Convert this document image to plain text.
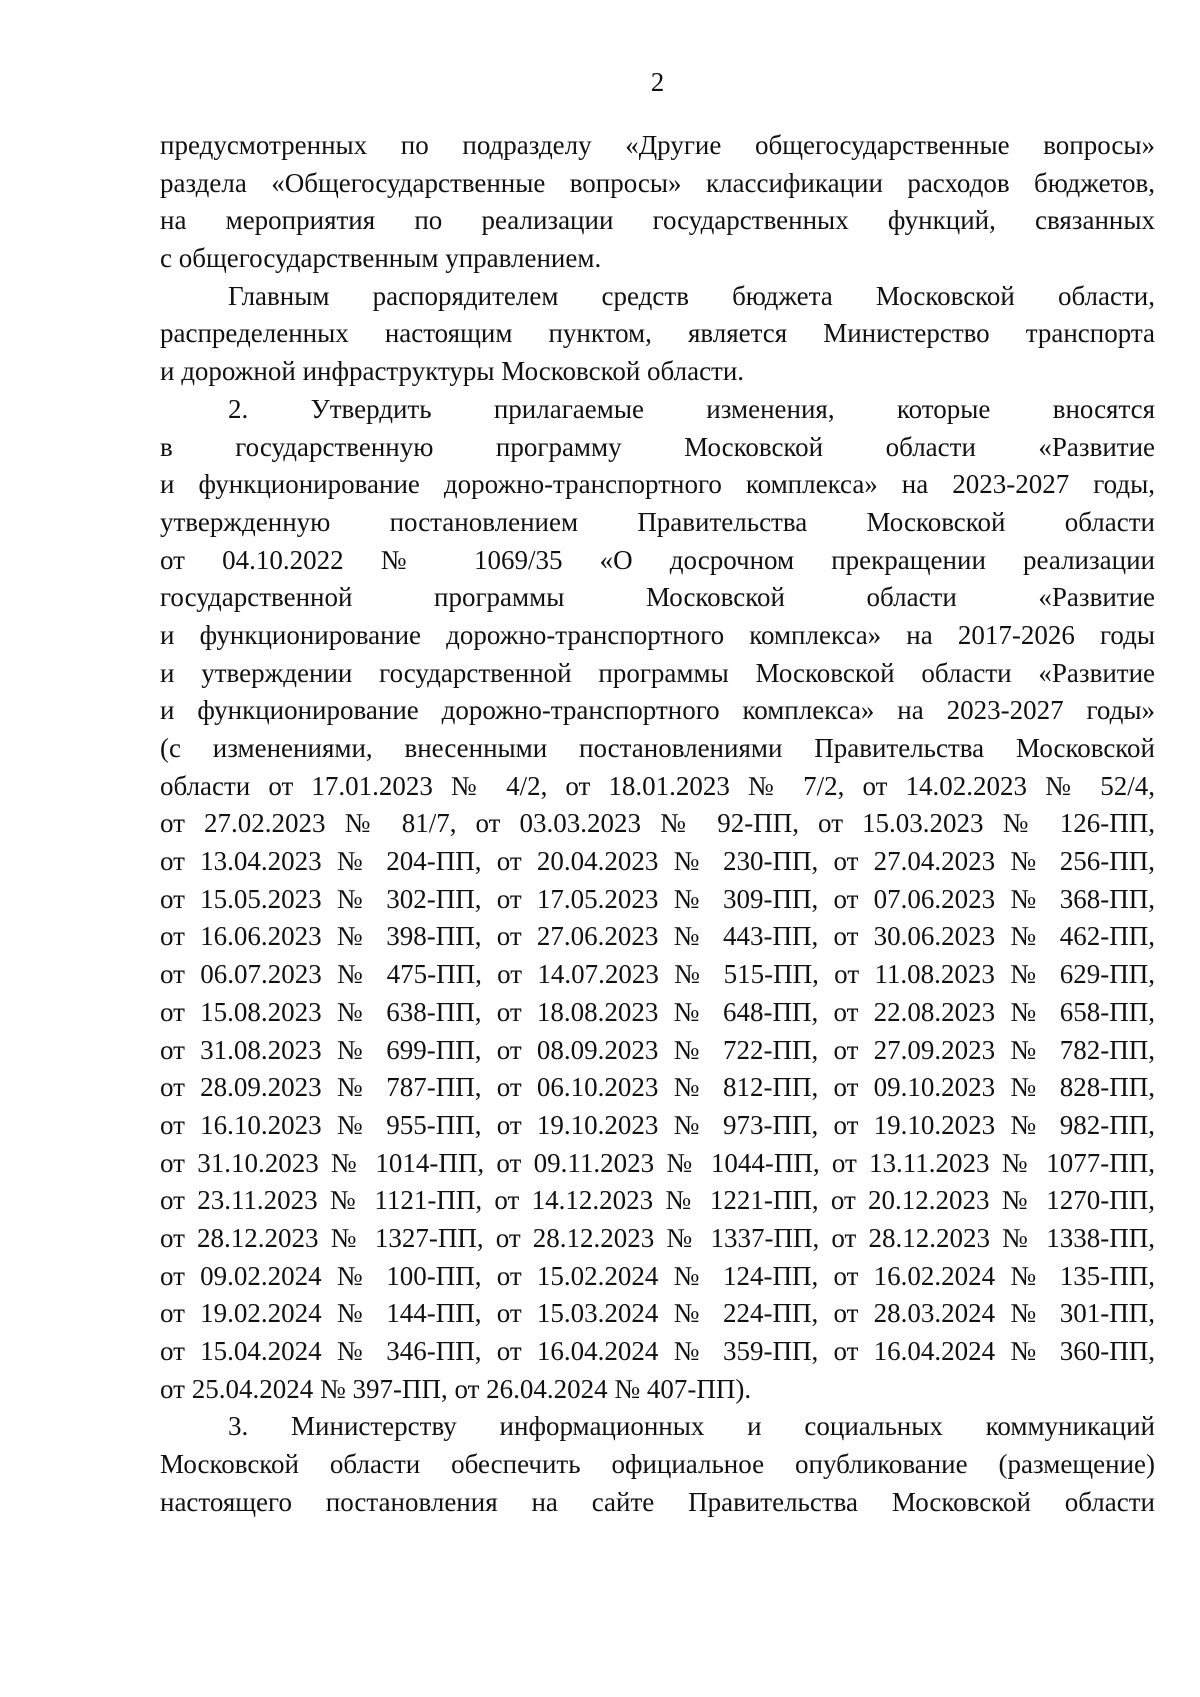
2
предусмотренных по подразделу «Другие общегосударственные вопросы»
раздела «Общегосударственные вопросы» классификации расходов бюджетов,
на мероприятия по реализации государственных функций, связанных
с общегосударственным управлением.
Главным распорядителем средств бюджета Московской области,
распределенных настоящим пунктом, является Министерство транспорта
и дорожной инфраструктуры Московской области.
2. Утвердить прилагаемые изменения, которые вносятся
в государственную программу Московской области «Развитие
и функционирование дорожно-транспортного комплекса» на 2023-2027 годы,
утвержденную постановлением Правительства Московской области
от 04.10.2022 № 1069/35 «О досрочном прекращении реализации
государственной программы Московской области «Развитие
и функционирование дорожно-транспортного комплекса» на 2017-2026 годы
и утверждении государственной программы Московской области «Развитие
и функционирование дорожно-транспортного комплекса» на 2023-2027 годы»
(с изменениями, внесенными постановлениями Правительства Московской
области от 17.01.2023 № 4/2, от 18.01.2023 № 7/2, от 14.02.2023 № 52/4,
от 27.02.2023 № 81/7, от 03.03.2023 № 92-ПП, от 15.03.2023 № 126-ПП,
от 13.04.2023 № 204-ПП, от 20.04.2023 № 230-ПП, от 27.04.2023 № 256-ПП,
от 15.05.2023 № 302-ПП, от 17.05.2023 № 309-ПП, от 07.06.2023 № 368-ПП,
от 16.06.2023 № 398-ПП, от 27.06.2023 № 443-ПП, от 30.06.2023 № 462-ПП,
от 06.07.2023 № 475-ПП, от 14.07.2023 № 515-ПП, от 11.08.2023 № 629-ПП,
от 15.08.2023 № 638-ПП, от 18.08.2023 № 648-ПП, от 22.08.2023 № 658-ПП,
от 31.08.2023 № 699-ПП, от 08.09.2023 № 722-ПП, от 27.09.2023 № 782-ПП,
от 28.09.2023 № 787-ПП, от 06.10.2023 № 812-ПП, от 09.10.2023 № 828-ПП,
от 16.10.2023 № 955-ПП, от 19.10.2023 № 973-ПП, от 19.10.2023 № 982-ПП,
от 31.10.2023 № 1014-ПП, от 09.11.2023 № 1044-ПП, от 13.11.2023 № 1077-ПП,
от 23.11.2023 № 1121-ПП, от 14.12.2023 № 1221-ПП, от 20.12.2023 № 1270-ПП,
от 28.12.2023 № 1327-ПП, от 28.12.2023 № 1337-ПП, от 28.12.2023 № 1338-ПП,
от 09.02.2024 № 100-ПП, от 15.02.2024 № 124-ПП, от 16.02.2024 № 135-ПП,
от 19.02.2024 № 144-ПП, от 15.03.2024 № 224-ПП, от 28.03.2024 № 301-ПП,
от 15.04.2024 № 346-ПП, от 16.04.2024 № 359-ПП, от 16.04.2024 № 360-ПП,
от 25.04.2024 № 397-ПП, от 26.04.2024 № 407-ПП).
3. Министерству информационных и социальных коммуникаций
Московской области обеспечить официальное опубликование (размещение)
настоящего постановления на сайте Правительства Московской области
